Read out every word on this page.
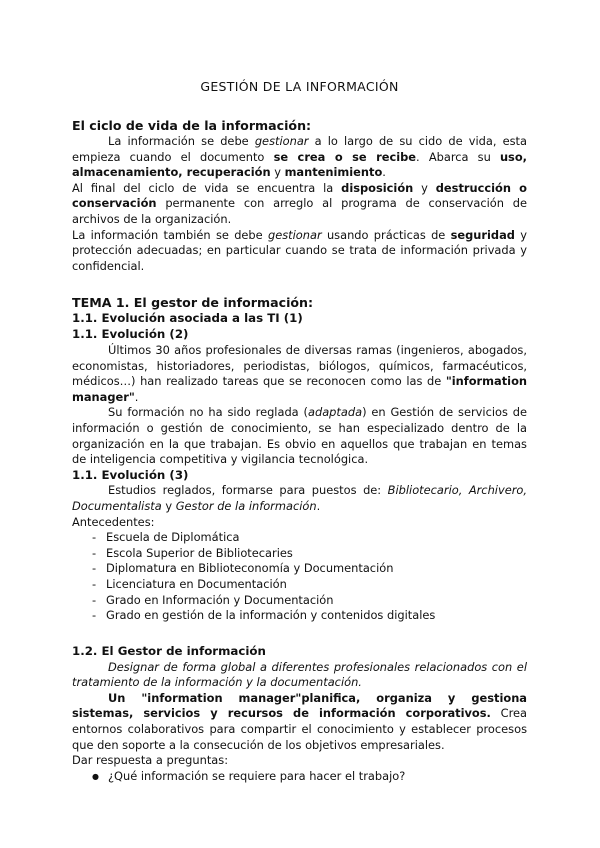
GESTIÓN DE LA INFORMACIÓN
El ciclo de vida de la información:

La información se debe gestionar a lo largo de su cido de vida, esta empieza cuando el documento se crea o se recibe. Abarca su uso, almacenamiento, recuperación y mantenimiento.

Al final del ciclo de vida se encuentra la disposición y destrucción o conservación permanente con arreglo al programa de conservación de archivos de la organización.

La información también se debe gestionar usando prácticas de seguridad y protección adecuadas; en particular cuando se trata de información privada y confidencial.

TEMA 1. El gestor de información:
1.1. Evolución asociada a las TI (1)
1.1. Evolución (2)

Últimos 30 años profesionales de diversas ramas (ingenieros, abogados, economistas, historiadores, periodistas, biólogos, químicos, farmacéuticos, médicos…) han realizado tareas que se reconocen como las de "information manager".

Su formación no ha sido reglada (adaptada) en Gestión de servicios de información o gestión de conocimiento, se han especializado dentro de la organización en la que trabajan. Es obvio en aquellos que trabajan en temas de inteligencia competitiva y vigilancia tecnológica.

1.1. Evolución (3)

Estudios reglados, formarse para puestos de: Bibliotecario, Archivero, Documentalista y Gestor de la información.

Antecedentes:

- Escuela de Diplomática
- Escola Superior de Bibliotecaries
- Diplomatura en Biblioteconomía y Documentación
- Licenciatura en Documentación
- Grado en Información y Documentación
- Grado en gestión de la información y contenidos digitales
1.2. El Gestor de información

Designar de forma global a diferentes profesionales relacionados con el tratamiento de la información y la documentación.

Un "information manager"planifica, organiza y gestiona sistemas, servicios y recursos de información corporativos. Crea entornos colaborativos para compartir el conocimiento y establecer procesos que den soporte a la consecución de los objetivos empresariales.

Dar respuesta a preguntas:

● ¿Qué información se requiere para hacer el trabajo?
